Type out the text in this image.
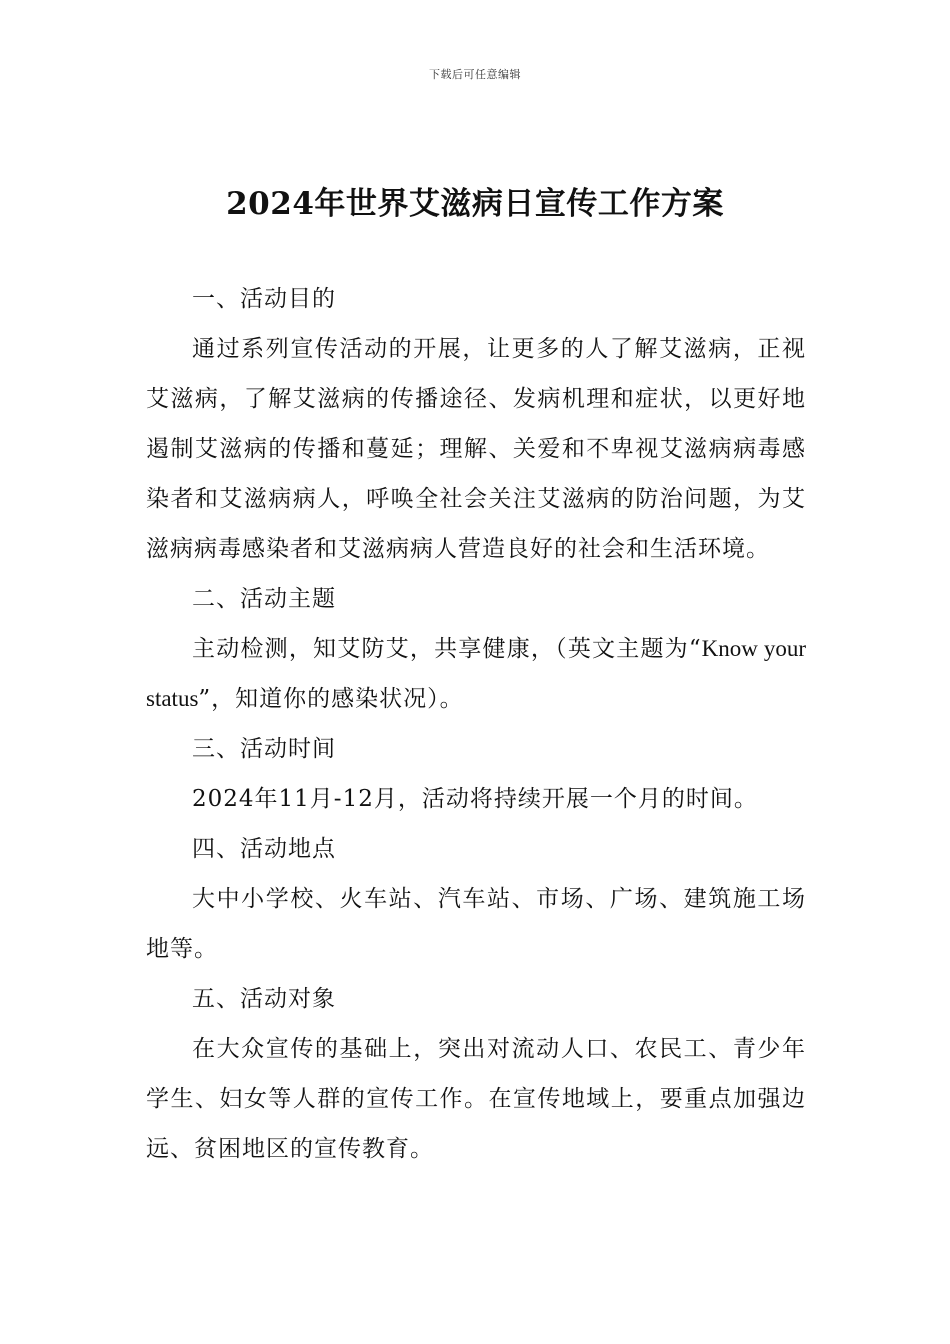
下载后可任意编辑
2024年世界艾滋病日宣传工作方案

一、活动目的

通过系列宣传活动的开展，让更多的人了解艾滋病，正视艾滋病，了解艾滋病的传播途径、发病机理和症状，以更好地遏制艾滋病的传播和蔓延；理解、关爱和不卑视艾滋病病毒感染者和艾滋病病人，呼唤全社会关注艾滋病的防治问题，为艾滋病病毒感染者和艾滋病病人营造良好的社会和生活环境。

二、活动主题

主动检测，知艾防艾，共享健康，（英文主题为“Know your status”，知道你的感染状况）。

三、活动时间

2024年11月-12月，活动将持续开展一个月的时间。

四、活动地点

大中小学校、火车站、汽车站、市场、广场、建筑施工场地等。

五、活动对象

在大众宣传的基础上，突出对流动人口、农民工、青少年学生、妇女等人群的宣传工作。在宣传地域上，要重点加强边远、贫困地区的宣传教育。
